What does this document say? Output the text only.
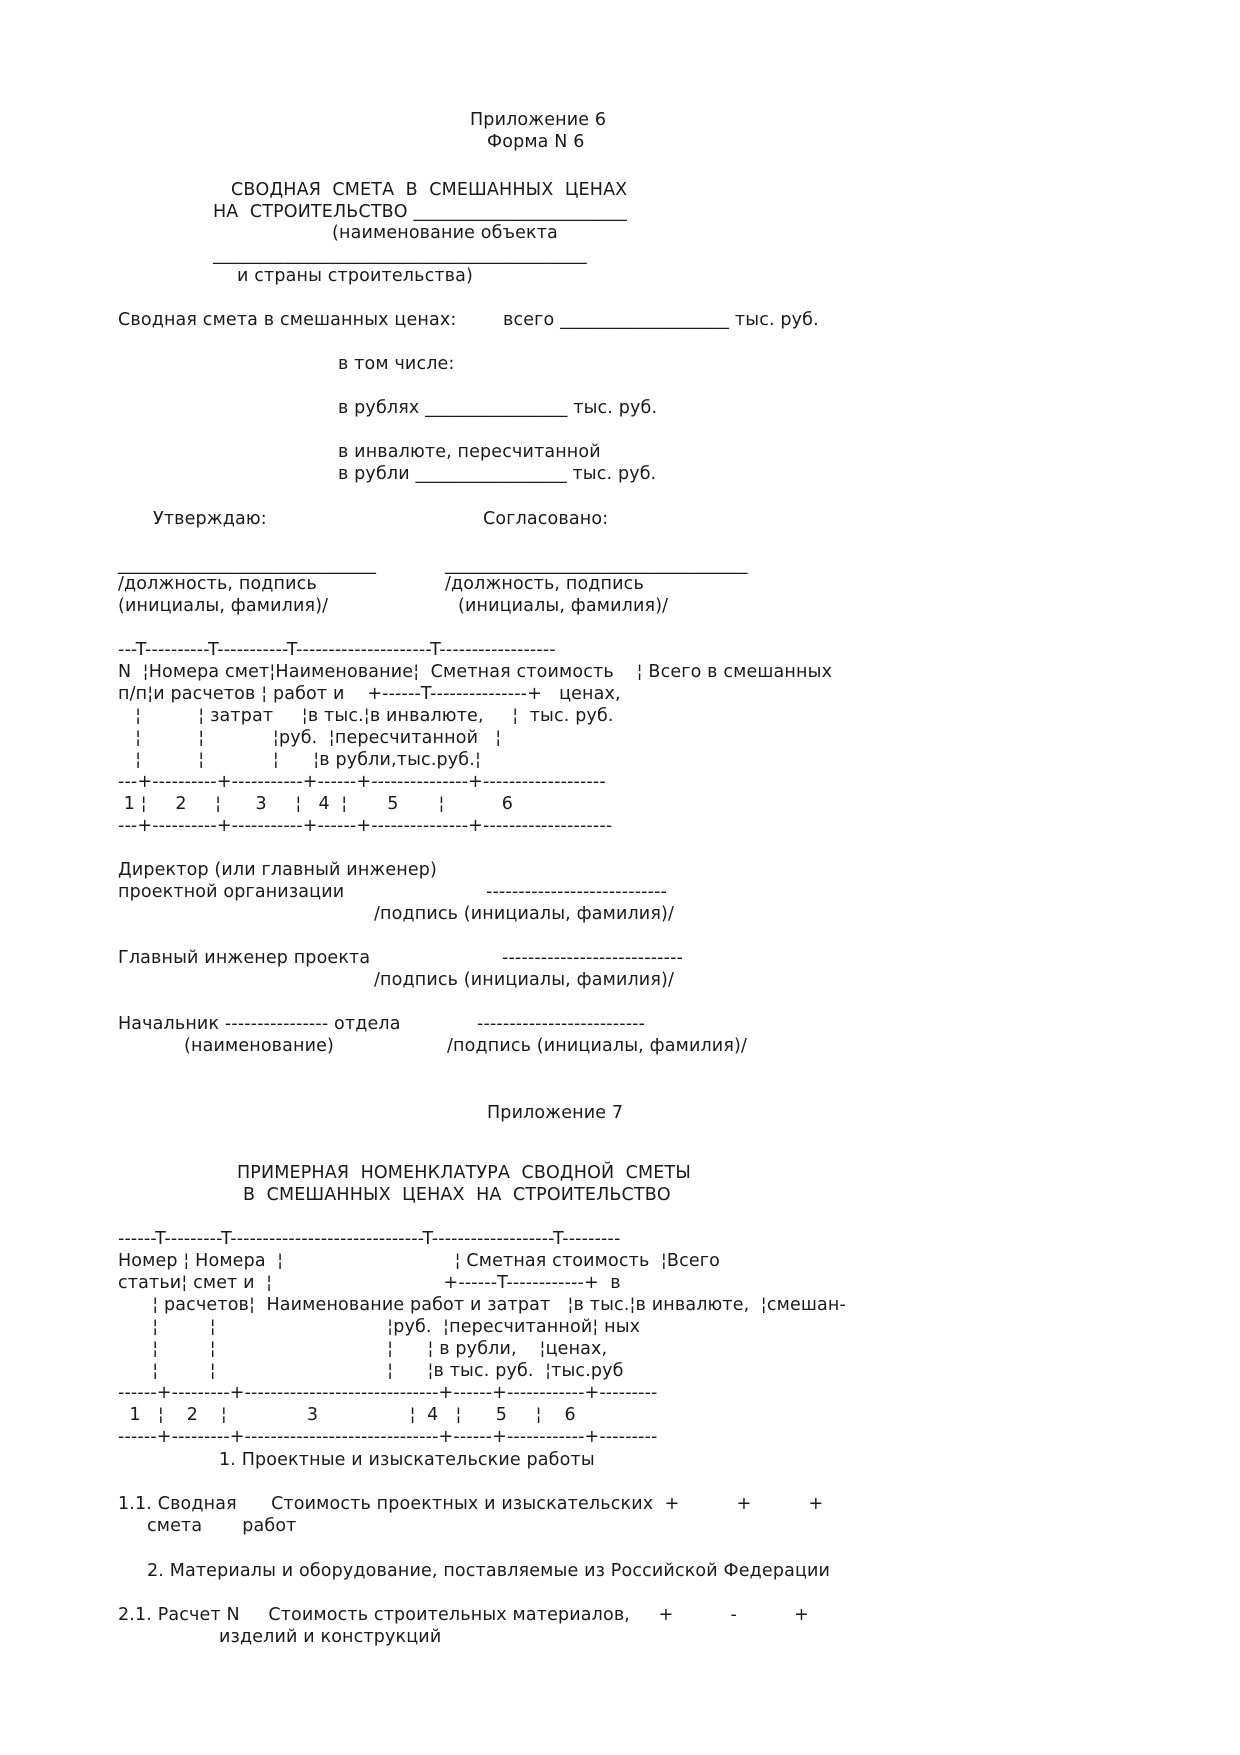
Приложение 6
Форма N 6
СВОДНАЯ  СМЕТА  В  СМЕШАННЫХ  ЦЕНАХ
НА  СТРОИТЕЛЬСТВО ________________________
(наименование объекта
__________________________________________
и страны строительства)
Сводная смета в смешанных ценах:	всего ___________________ тыс. руб.
в том числе:
в рублях ________________ тыс. руб.
в инвалюте, пересчитанной
в рубли _________________ тыс. руб.
Утверждаю:	Согласовано:
_____________________________	__________________________________
/должность, подпись	/должность, подпись
(инициалы, фамилия)/	(инициалы, фамилия)/
---T----------T-----------T---------------------T------------------
N  ¦Номера смет¦Наименование¦  Сметная стоимость    ¦ Всего в смешанных
п/п¦и расчетов ¦ работ и    +------T---------------+   ценах,
¦          ¦ затрат     ¦в тыс.¦в инвалюте,     ¦  тыс. руб.
¦          ¦            ¦руб.  ¦пересчитанной   ¦
¦          ¦            ¦      ¦в рубли,тыс.руб.¦
---+----------+-----------+------+---------------+-------------------
1 ¦     2     ¦      3     ¦   4  ¦       5       ¦          6
---+----------+-----------+------+---------------+--------------------
Директор (или главный инженер)
проектной организации	----------------------------
/подпись (инициалы, фамилия)/
Главный инженер проекта	----------------------------
/подпись (инициалы, фамилия)/
Начальник ---------------- отдела	--------------------------
(наименование)	/подпись (инициалы, фамилия)/
Приложение 7
ПРИМЕРНАЯ  НОМЕНКЛАТУРА  СВОДНОЙ  СМЕТЫ
В  СМЕШАННЫХ  ЦЕНАХ  НА  СТРОИТЕЛЬСТВО
------T---------T------------------------------T-------------------T---------
Номер ¦ Номера  ¦                              ¦ Сметная стоимость  ¦Всего
статьи¦ смет и  ¦                              +------T------------+  в
¦ расчетов¦  Наименование работ и затрат   ¦в тыс.¦в инвалюте,  ¦смешан-
¦         ¦                              ¦руб.  ¦пересчитанной¦ ных
¦         ¦                              ¦      ¦ в рубли,    ¦ценах,
¦         ¦                              ¦      ¦в тыс. руб.  ¦тыс.руб
------+---------+------------------------------+------+------------+---------
1   ¦    2    ¦              3                ¦  4   ¦      5     ¦    6
------+---------+------------------------------+------+------------+---------
1. Проектные и изыскательские работы
1.1. Сводная      Стоимость проектных и изыскательских  +          +          +
смета       работ
2. Материалы и оборудование, поставляемые из Российской Федерации
2.1. Расчет N     Стоимость строительных материалов,     +          -          +
изделий и конструкций
